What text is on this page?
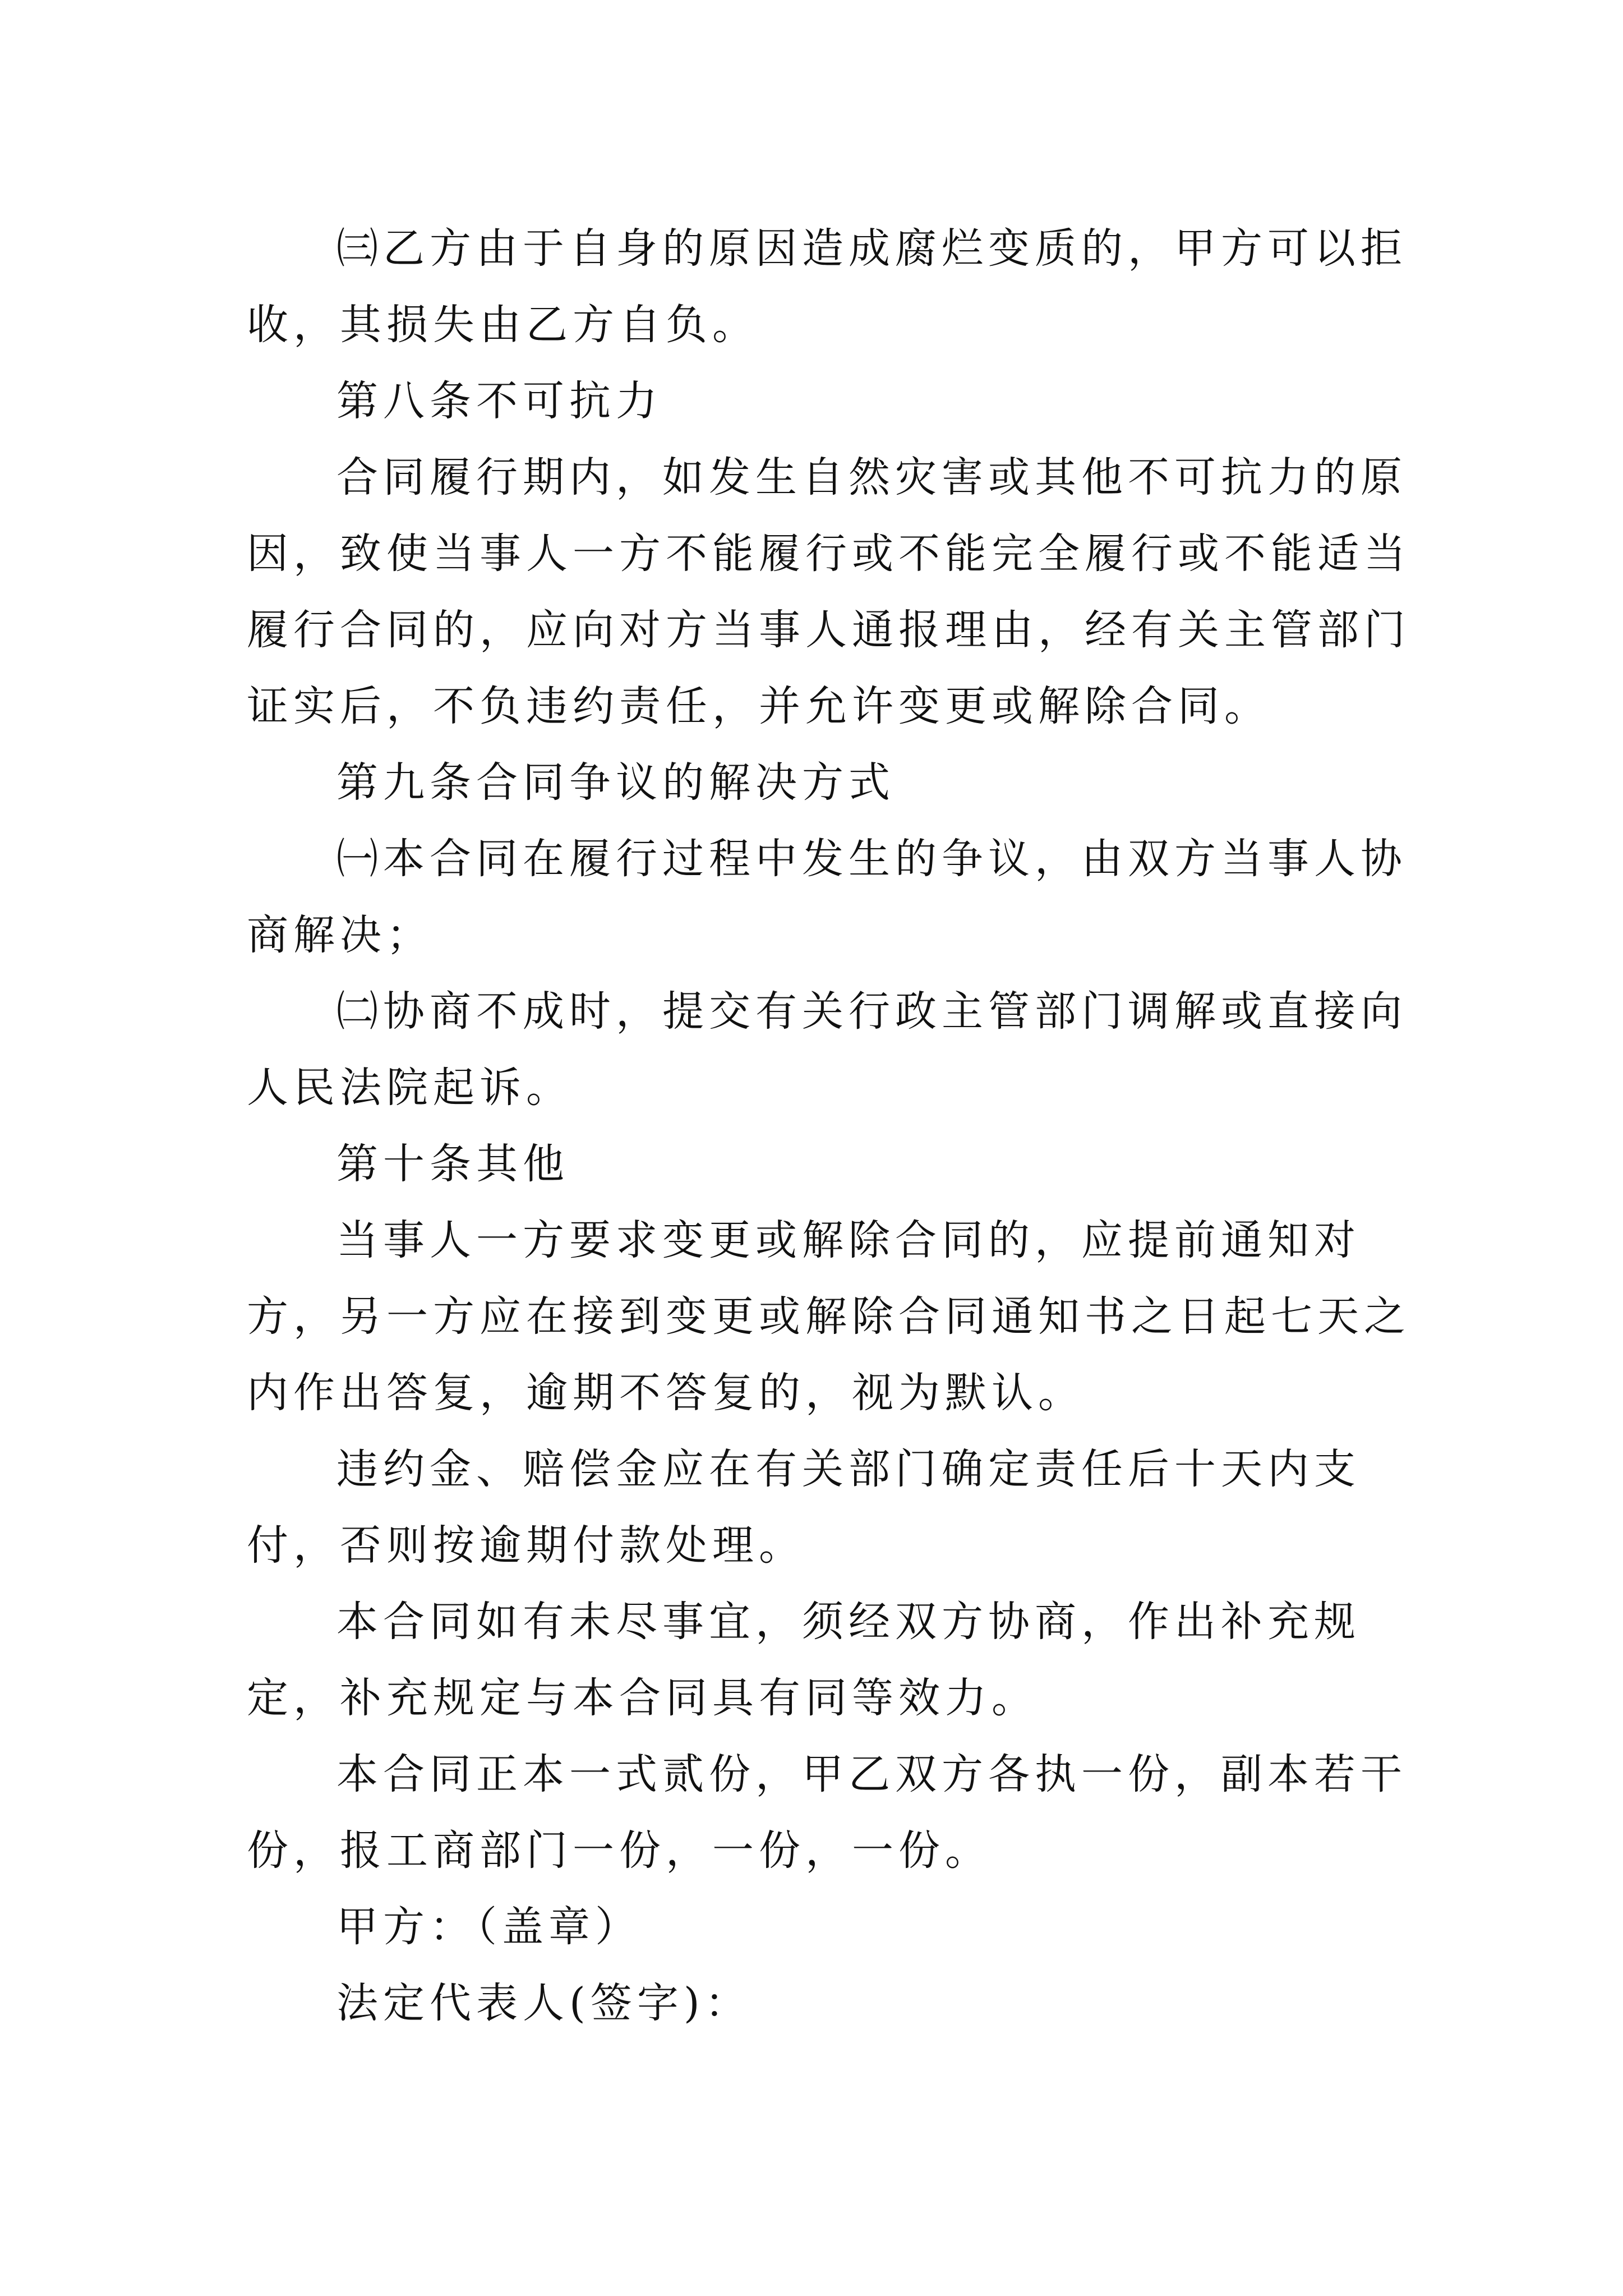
㈢乙方由于自身的原因造成腐烂变质的，甲方可以拒收，其损失由乙方自负。

第八条不可抗力

合同履行期内，如发生自然灾害或其他不可抗力的原因，致使当事人一方不能履行或不能完全履行或不能适当履行合同的，应向对方当事人通报理由，经有关主管部门证实后，不负违约责任，并允许变更或解除合同。

第九条合同争议的解决方式

㈠本合同在履行过程中发生的争议，由双方当事人协商解决；

㈡协商不成时，提交有关行政主管部门调解或直接向人民法院起诉。

第十条其他

当事人一方要求变更或解除合同的，应提前通知对方，另一方应在接到变更或解除合同通知书之日起七天之内作出答复，逾期不答复的，视为默认。

违约金、赔偿金应在有关部门确定责任后十天内支付，否则按逾期付款处理。

本合同如有未尽事宜，须经双方协商，作出补充规定，补充规定与本合同具有同等效力。

本合同正本一式贰份，甲乙双方各执一份，副本若干份，报工商部门一份，一份，一份。

甲方：（盖章）

法定代表人(签字)：
